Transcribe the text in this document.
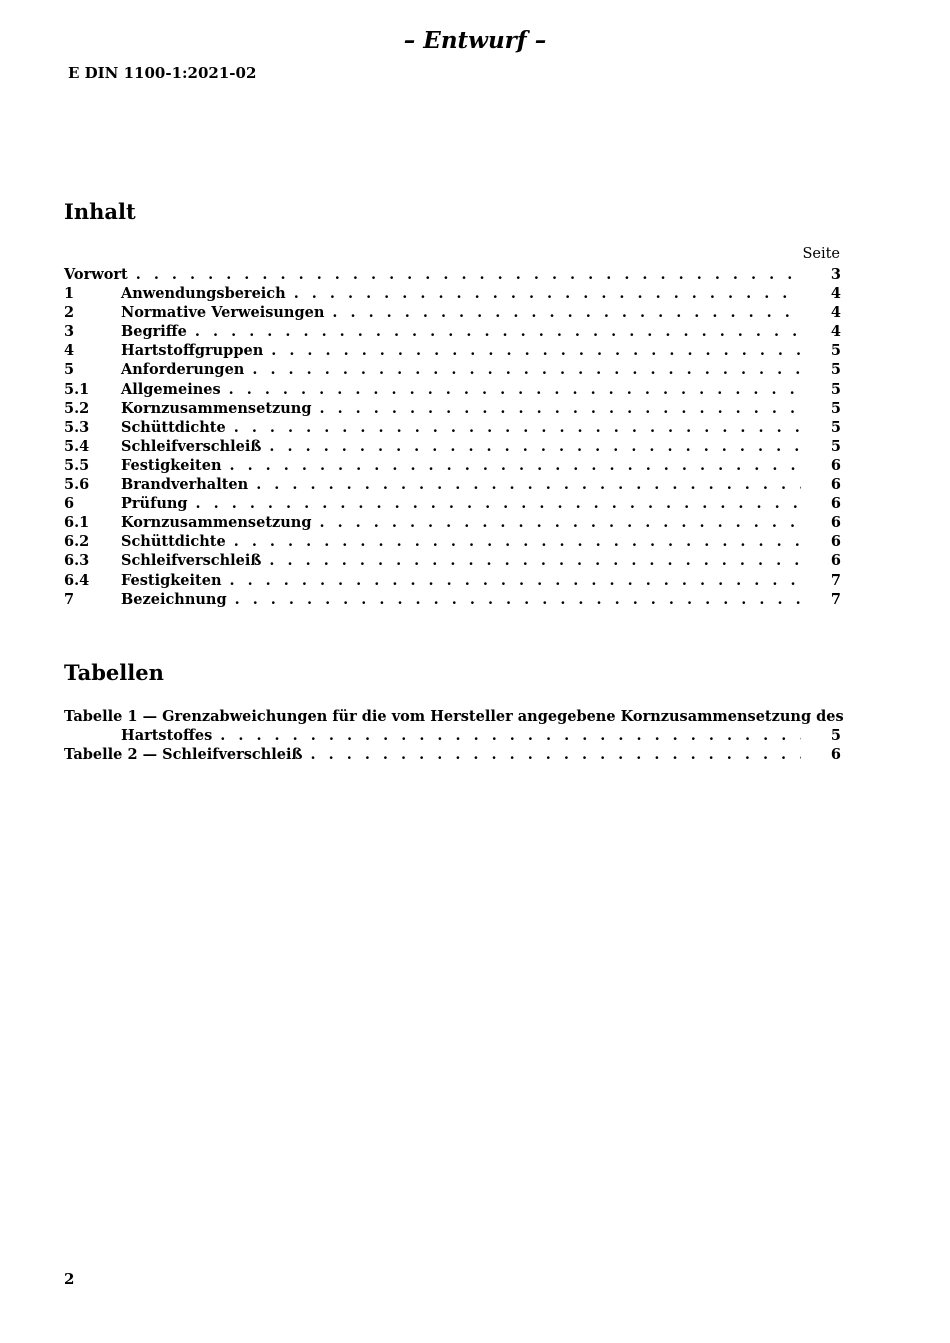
– Entwurf –

E DIN 1100-1:2021-02

Inhalt

Seite

Vorwort . . .	3
1	Anwendungsbereich . . .	4
2	Normative Verweisungen . . .	4
3	Begriffe . . .	4
4	Hartstoffgruppen . . .	5
5	Anforderungen . . .	5
5.1	Allgemeines . . .	5
5.2	Kornzusammensetzung . . .	5
5.3	Schüttdichte . . .	5
5.4	Schleifverschleiß . . .	5
5.5	Festigkeiten . . .	6
5.6	Brandverhalten . . .	6
6	Prüfung . . .	6
6.1	Kornzusammensetzung . . .	6
6.2	Schüttdichte . . .	6
6.3	Schleifverschleiß . . .	6
6.4	Festigkeiten . . .	7
7	Bezeichnung . . .	7
Tabellen
Tabelle 1 — Grenzabweichungen für die vom Hersteller angegebene Kornzusammensetzung des
Hartstoffes . . .	5
Tabelle 2 — Schleifverschleiß . . .	6

2
